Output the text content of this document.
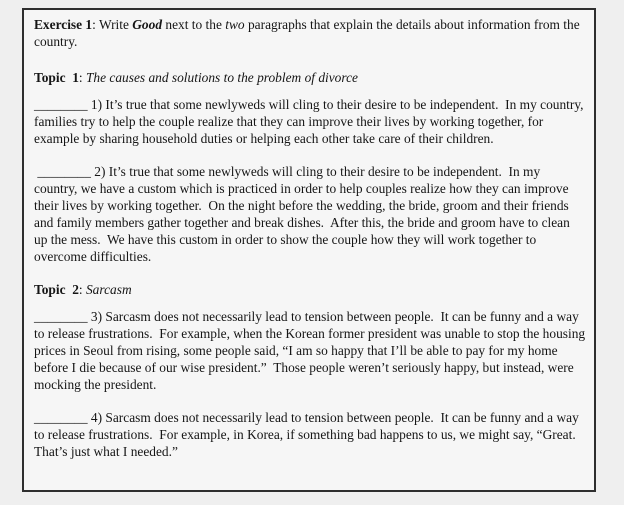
Exercise 1: Write Good next to the two paragraphs that explain the details about information from the country.

Topic  1: The causes and solutions to the problem of divorce

________ 1) It’s true that some newlyweds will cling to their desire to be independent.  In my country, families try to help the couple realize that they can improve their lives by working together, for example by sharing household duties or helping each other take care of their children.

________ 2) It’s true that some newlyweds will cling to their desire to be independent.  In my country, we have a custom which is practiced in order to help couples realize how they can improve their lives by working together.  On the night before the wedding, the bride, groom and their friends and family members gather together and break dishes.  After this, the bride and groom have to clean up the mess.  We have this custom in order to show the couple how they will work together to overcome difficulties.

Topic  2: Sarcasm

________ 3) Sarcasm does not necessarily lead to tension between people.  It can be funny and a way to release frustrations.  For example, when the Korean former president was unable to stop the housing prices in Seoul from rising, some people said, “I am so happy that I’ll be able to pay for my home before I die because of our wise president.”  Those people weren’t seriously happy, but instead, were mocking the president.

________ 4) Sarcasm does not necessarily lead to tension between people.  It can be funny and a way to release frustrations.  For example, in Korea, if something bad happens to us, we might say, “Great.  That’s just what I needed.”
